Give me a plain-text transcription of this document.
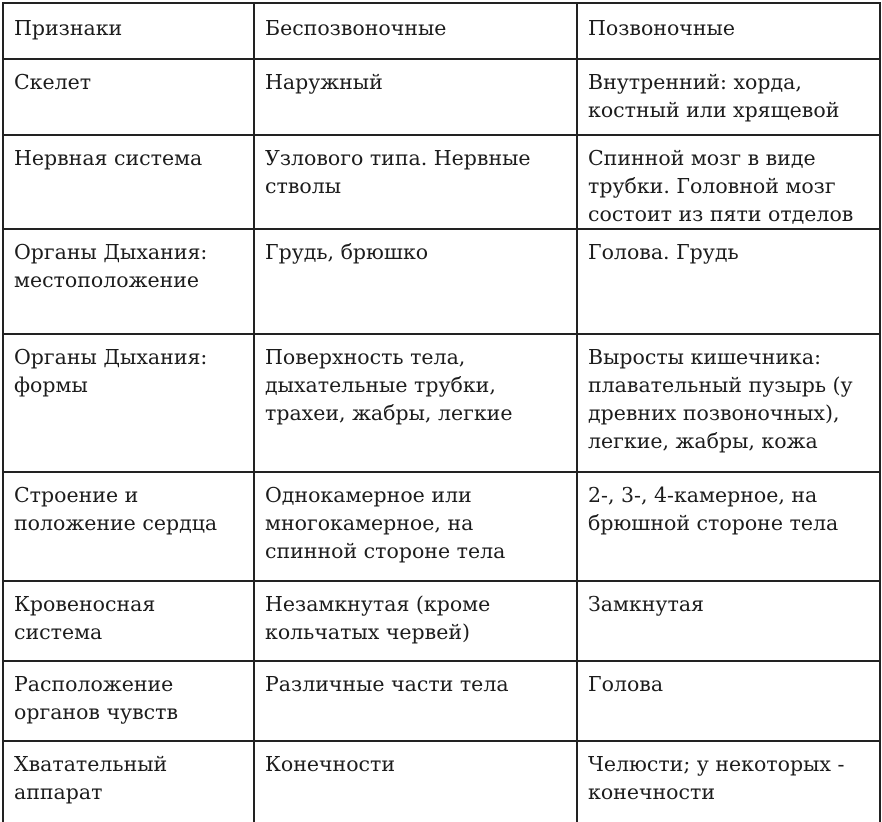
Признаки	Беспозвоночные	Позвоночные
Скелет	Наружный	Внутренний: хорда, костный или хрящевой
Нервная система	Узлового типа. Нервные стволы	Спинной мозг в виде трубки. Головной мозг состоит из пяти отделов
Органы Дыхания: местоположение	Грудь, брюшко	Голова. Грудь
Органы Дыхания: формы	Поверхность тела, дыхательные трубки, трахеи, жабры, легкие	Выросты кишечника: плавательный пузырь (у древних позвоночных), легкие, жабры, кожа
Строение и положение сердца	Однокамерное или многокамерное, на спинной стороне тела	2-, 3-, 4-камерное, на брюшной стороне тела
Кровеносная система	Незамкнутая (кроме кольчатых червей)	Замкнутая
Расположение органов чувств	Различные части тела	Голова
Хватательный аппарат	Конечности	Челюсти; у некоторых - конечности
